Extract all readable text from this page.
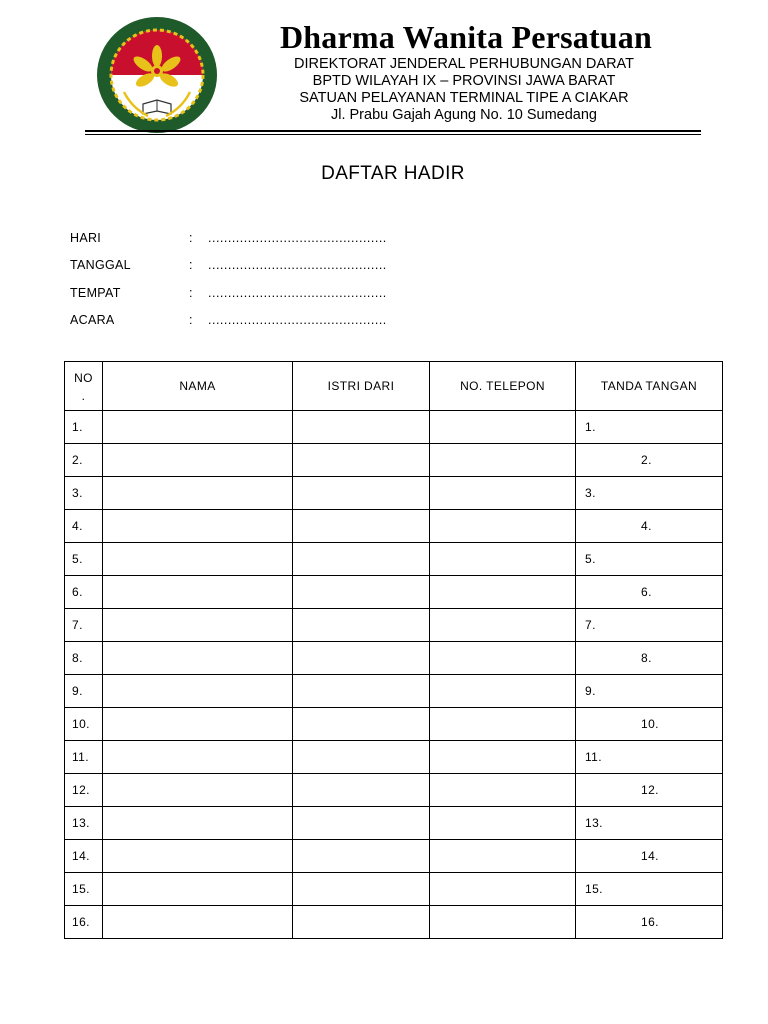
Dharma Wanita Persatuan
DIREKTORAT JENDERAL PERHUBUNGAN DARAT
BPTD WILAYAH IX – PROVINSI JAWA BARAT
SATUAN PELAYANAN TERMINAL TIPE A CIAKAR
Jl. Prabu Gajah Agung No. 10 Sumedang
DAFTAR HADIR
HARI	: .............................................
TANGGAL	: .............................................
TEMPAT	: .............................................
ACARA	: .............................................
NO
.	NAMA	ISTRI DARI	NO. TELEPON	TANDA TANGAN
1.				1.
2.				2.
3.				3.
4.				4.
5.				5.
6.				6.
7.				7.
8.				8.
9.				9.
10.				10.
11.				11.
12.				12.
13.				13.
14.				14.
15.				15.
16.				16.
